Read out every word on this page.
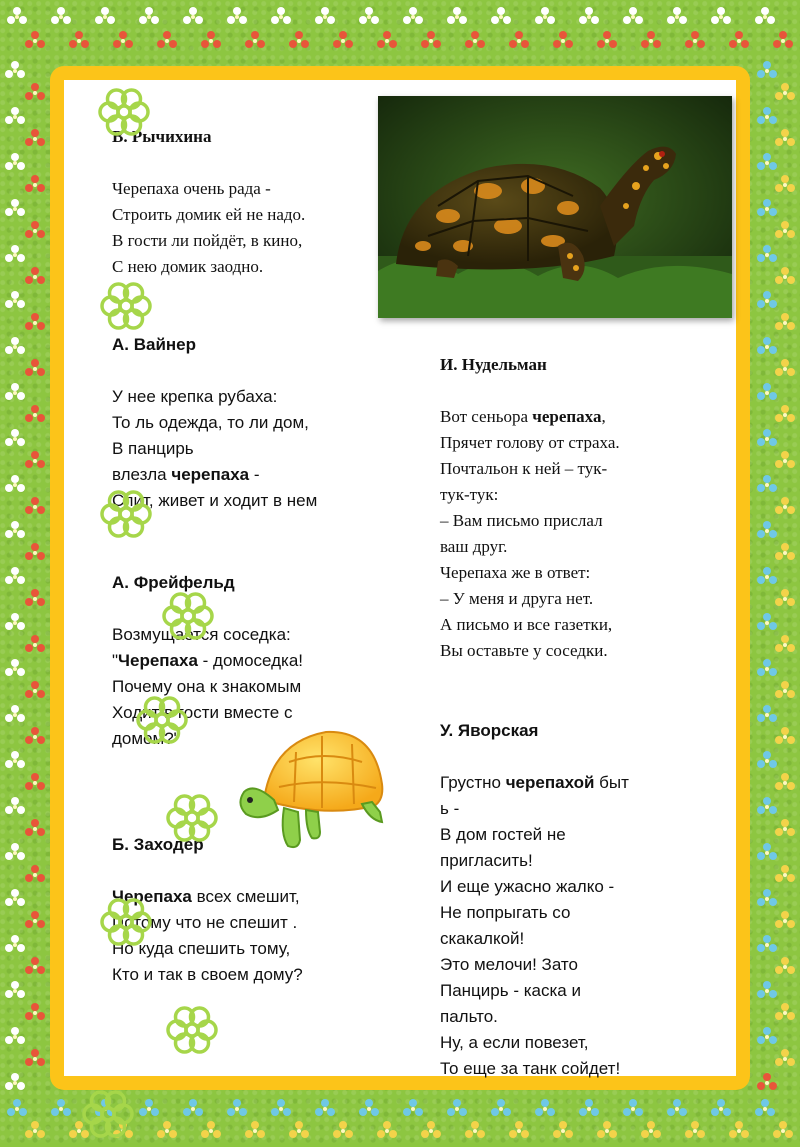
В. Рычихина

Черепаха очень рада -

Строить домик ей не надо.

В гости ли пойдёт, в кино,

С нею домик заодно.

А. Вайнер

У нее крепка рубаха:

То ль одежда, то ли дом,

В панцирь

влезла черепаха -

Спит, живет и ходит в нем

А. Фрейфельд

Возмущается соседка:

"Черепаха - домоседка!

Почему она к знакомым

Ходит в гости вместе с

домом?"

Б. Заходер

Черепаха всех смешит,

Потому что не спешит .

Но куда спешить тому,

Кто и так в своем дому?

И. Нудельман

Вот сеньора черепаха,

Прячет голову от страха.

Почтальон к ней – тук-

тук-тук:

– Вам письмо прислал

ваш друг.

Черепаха же в ответ:

– У меня и друга нет.

А письмо и все газетки,

Вы оставьте у соседки.

У. Яворская

Грустно черепахой быт

ь -

В дом гостей не

пригласить!

И еще ужасно жалко -

Не попрыгать со

скакалкой!

Это мелочи! Зато

Панцирь - каска и

пальто.

Ну, а если повезет,

То еще за танк сойдет!
